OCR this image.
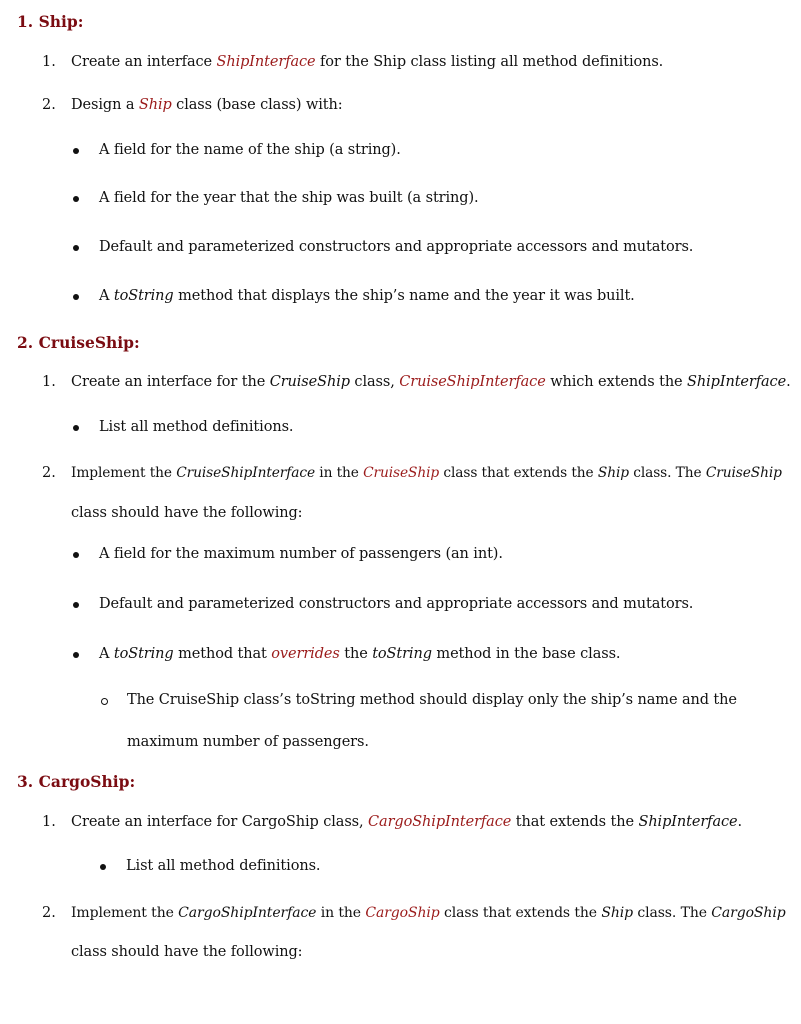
1. Ship:
1. Create an interface ShipInterface for the Ship class listing all method definitions.
2. Design a Ship class (base class) with:
A field for the name of the ship (a string).
A field for the year that the ship was built (a string).
Default and parameterized constructors and appropriate accessors and mutators.
A toString method that displays the ship’s name and the year it was built.
2. CruiseShip:
1. Create an interface for the CruiseShip class, CruiseShipInterface which extends the ShipInterface.
List all method definitions.
2. Implement the CruiseShipInterface in the CruiseShip class that extends the Ship class. The CruiseShip
class should have the following:
A field for the maximum number of passengers (an int).
Default and parameterized constructors and appropriate accessors and mutators.
A toString method that overrides the toString method in the base class.
The CruiseShip class’s toString method should display only the ship’s name and the
maximum number of passengers.
3. CargoShip:
1. Create an interface for CargoShip class, CargoShipInterface that extends the ShipInterface.
List all method definitions.
2. Implement the CargoShipInterface in the CargoShip class that extends the Ship class. The CargoShip
class should have the following:
